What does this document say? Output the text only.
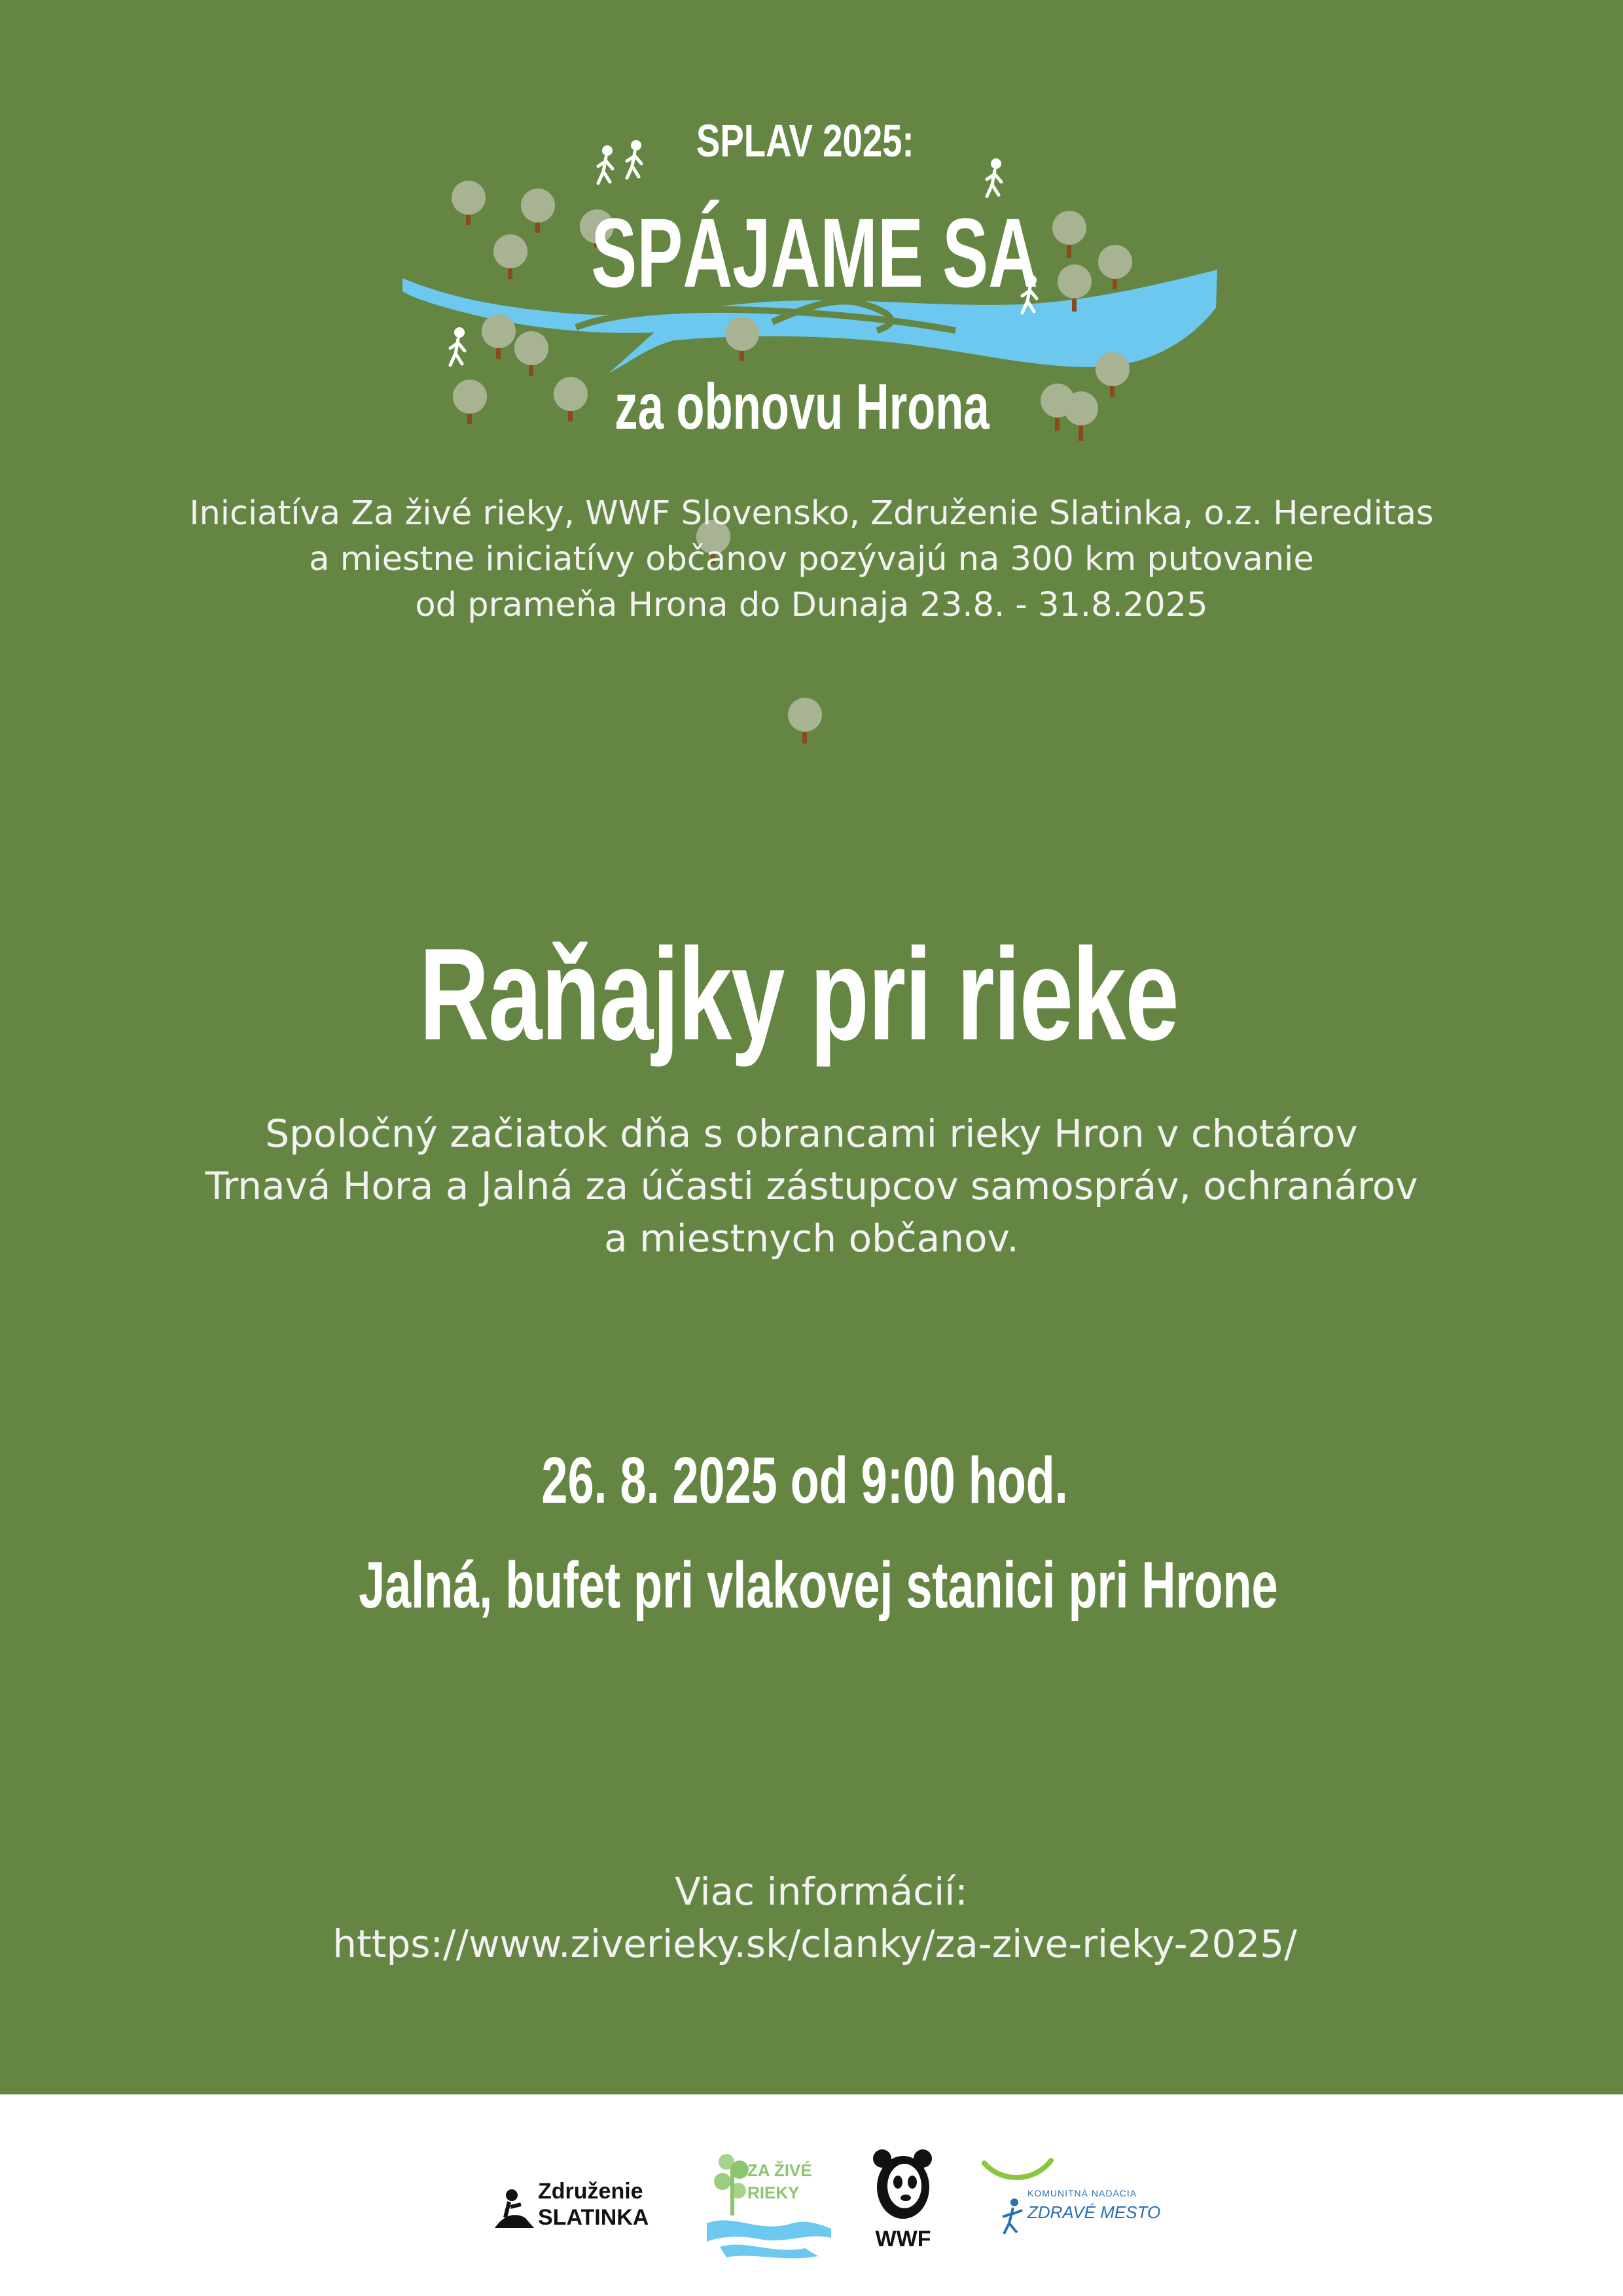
SPLAV 2025:
SPÁJAME SA
za obnovu Hrona
Iniciatíva Za živé rieky, WWF Slovensko, Združenie Slatinka, o.z. Hereditas
a miestne iniciatívy občanov pozývajú na 300 km putovanie
od prameňa Hrona do Dunaja 23.8. - 31.8.2025
Raňajky pri rieke
Spoločný začiatok dňa s obrancami rieky Hron v chotárov
Trnavá Hora a Jalná za účasti zástupcov samospráv, ochranárov
a miestnych občanov.
26. 8. 2025 od 9:00 hod.
Jalná, bufet pri vlakovej stanici pri Hrone
Viac informácií:
https://www.ziverieky.sk/clanky/za-zive-rieky-2025/
Združenie
SLATINKA
ZA ŽIVÉ
RIEKY
WWF
KOMUNITNÁ NADÁCIA
ZDRAVÉ MESTO
